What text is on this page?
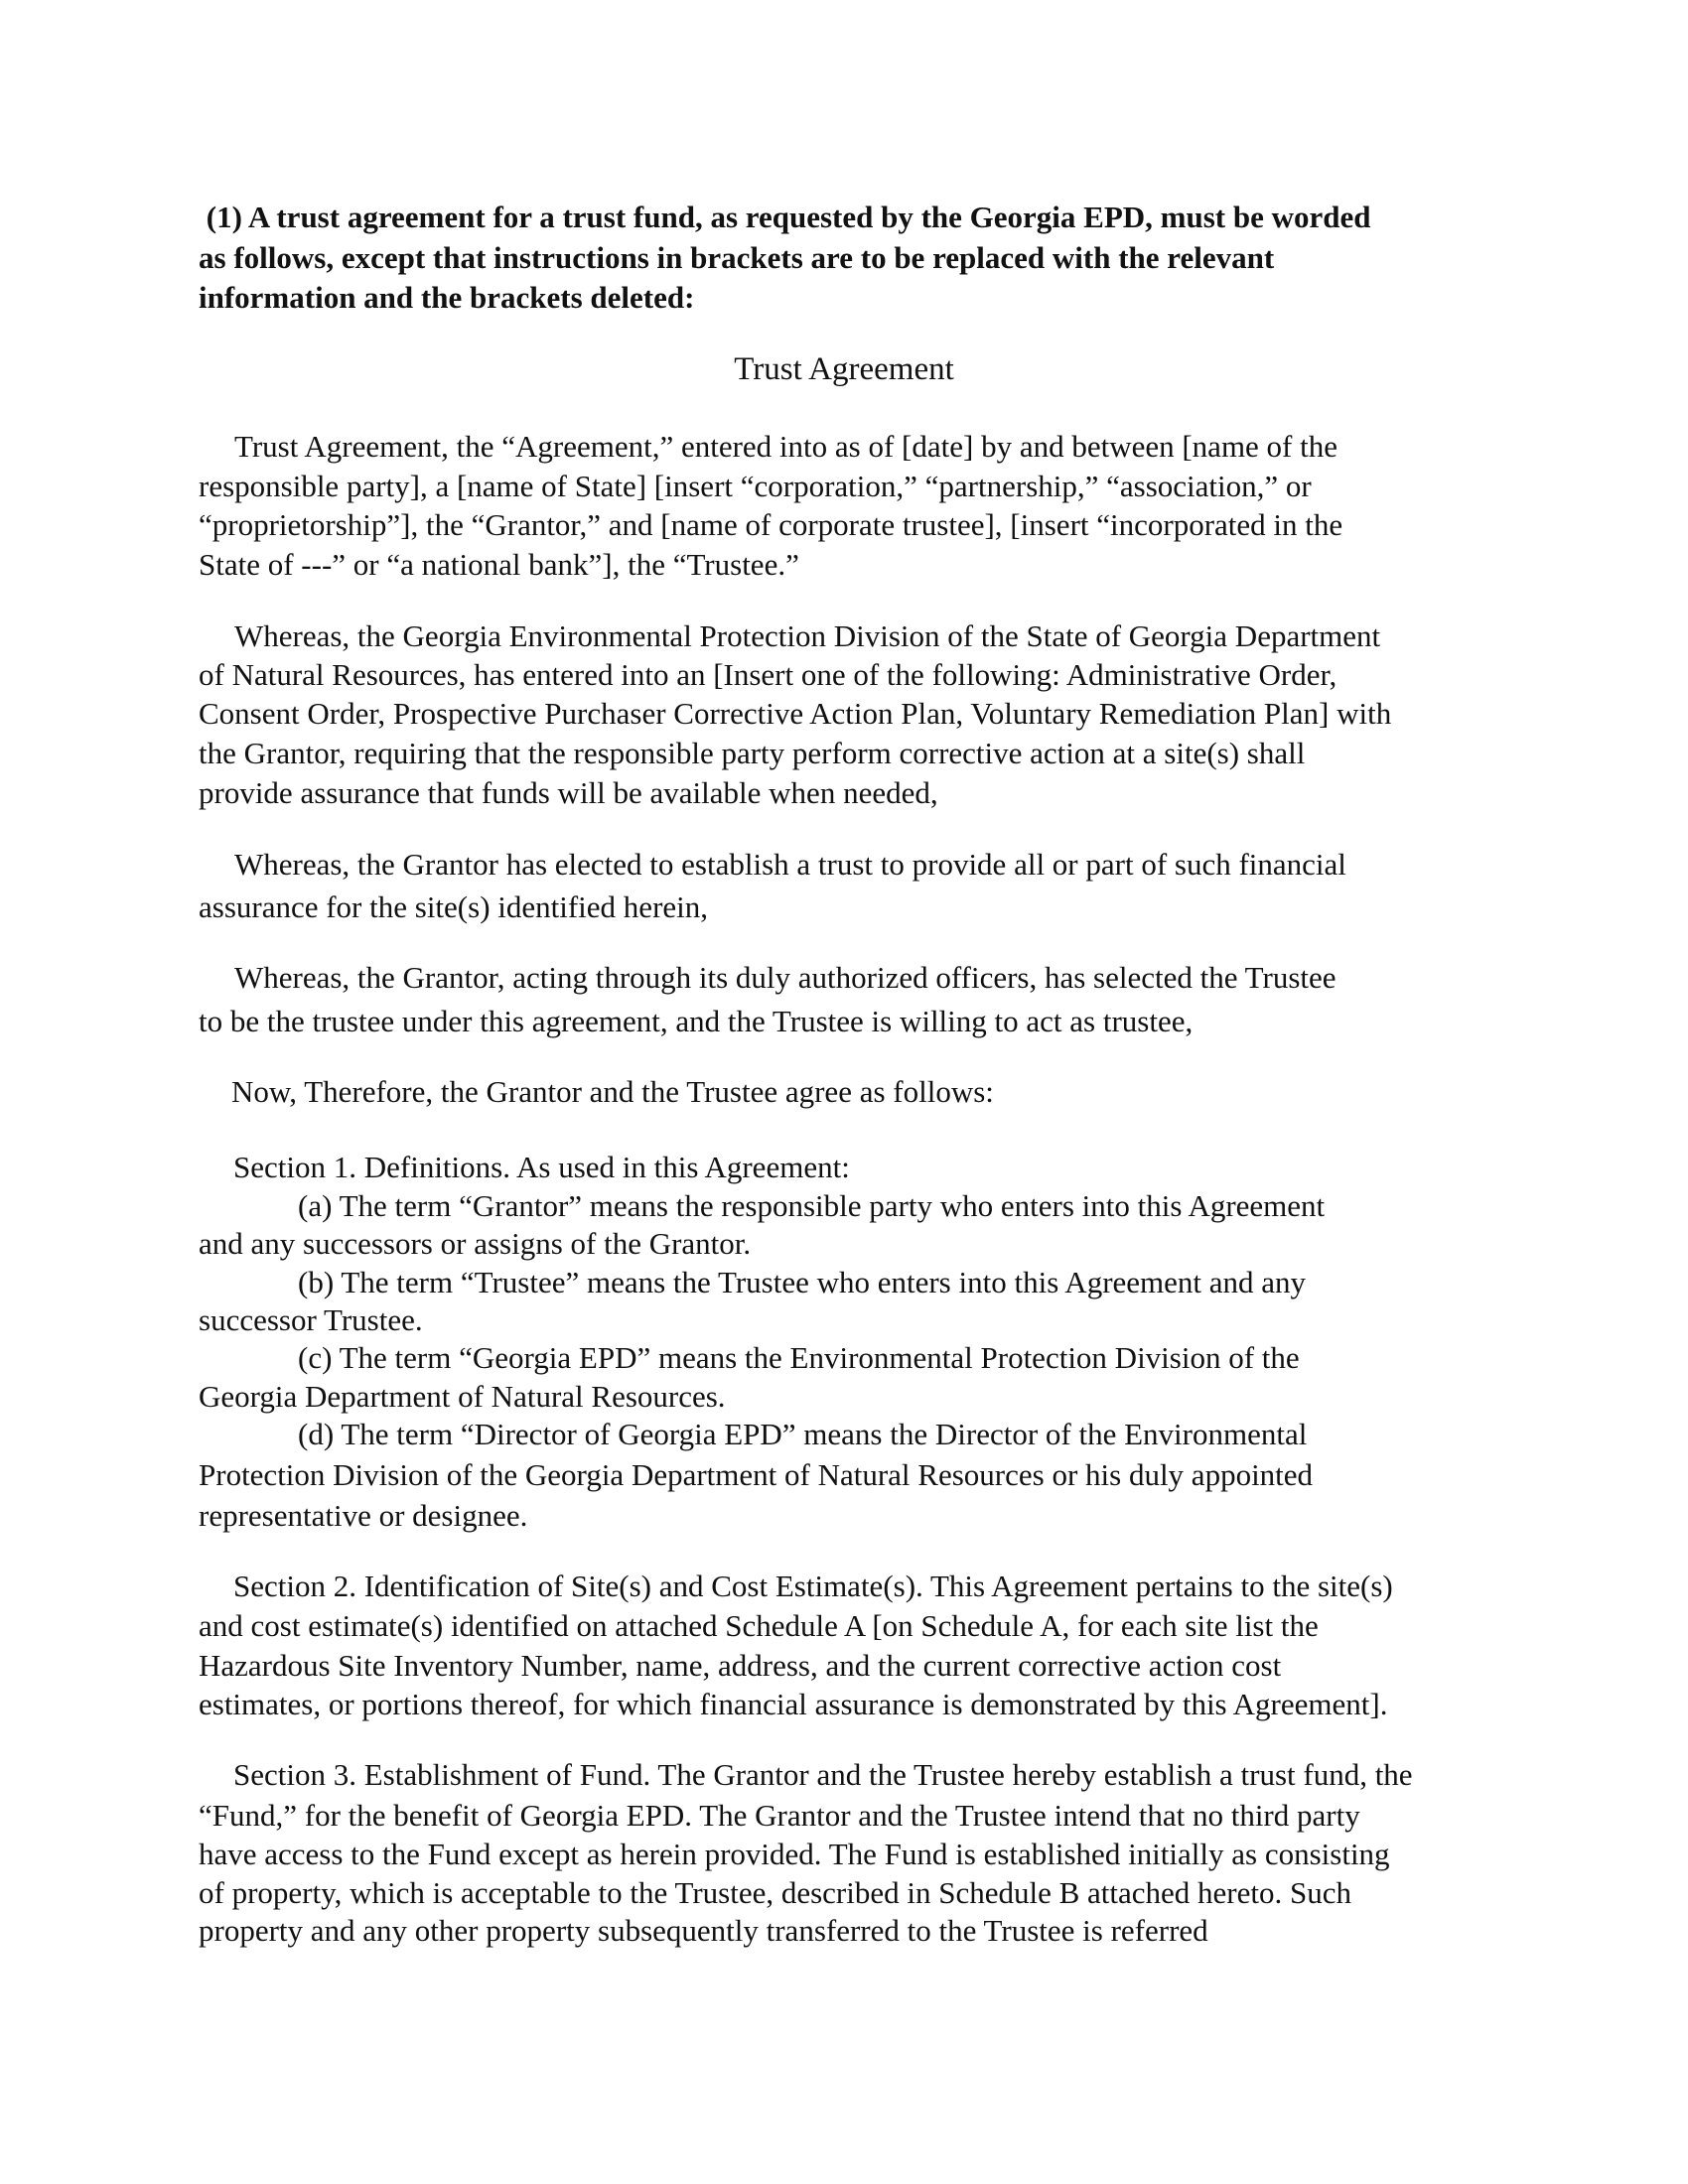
(1) A trust agreement for a trust fund, as requested by the Georgia EPD, must be worded
as follows, except that instructions in brackets are to be replaced with the relevant
information and the brackets deleted:
Trust Agreement
Trust Agreement, the “Agreement,” entered into as of [date] by and between [name of the
responsible party], a [name of State] [insert “corporation,” “partnership,” “association,” or
“proprietorship”], the “Grantor,” and [name of corporate trustee], [insert “incorporated in the
State of ---” or “a national bank”], the “Trustee.”
Whereas, the Georgia Environmental Protection Division of the State of Georgia Department
of Natural Resources, has entered into an [Insert one of the following: Administrative Order,
Consent Order, Prospective Purchaser Corrective Action Plan, Voluntary Remediation Plan] with
the Grantor, requiring that the responsible party perform corrective action at a site(s) shall
provide assurance that funds will be available when needed,
Whereas, the Grantor has elected to establish a trust to provide all or part of such financial
assurance for the site(s) identified herein,
Whereas, the Grantor, acting through its duly authorized officers, has selected the Trustee
to be the trustee under this agreement, and the Trustee is willing to act as trustee,
Now, Therefore, the Grantor and the Trustee agree as follows:
Section 1. Definitions. As used in this Agreement:
(a) The term “Grantor” means the responsible party who enters into this Agreement
and any successors or assigns of the Grantor.
(b) The term “Trustee” means the Trustee who enters into this Agreement and any
successor Trustee.
(c) The term “Georgia EPD” means the Environmental Protection Division of the
Georgia Department of Natural Resources.
(d) The term “Director of Georgia EPD” means the Director of the Environmental
Protection Division of the Georgia Department of Natural Resources or his duly appointed
representative or designee.
Section 2. Identification of Site(s) and Cost Estimate(s). This Agreement pertains to the site(s)
and cost estimate(s) identified on attached Schedule A [on Schedule A, for each site list the
Hazardous Site Inventory Number, name, address, and the current corrective action cost
estimates, or portions thereof, for which financial assurance is demonstrated by this Agreement].
Section 3. Establishment of Fund. The Grantor and the Trustee hereby establish a trust fund, the
“Fund,” for the benefit of Georgia EPD. The Grantor and the Trustee intend that no third party
have access to the Fund except as herein provided. The Fund is established initially as consisting
of property, which is acceptable to the Trustee, described in Schedule B attached hereto. Such
property and any other property subsequently transferred to the Trustee is referred
